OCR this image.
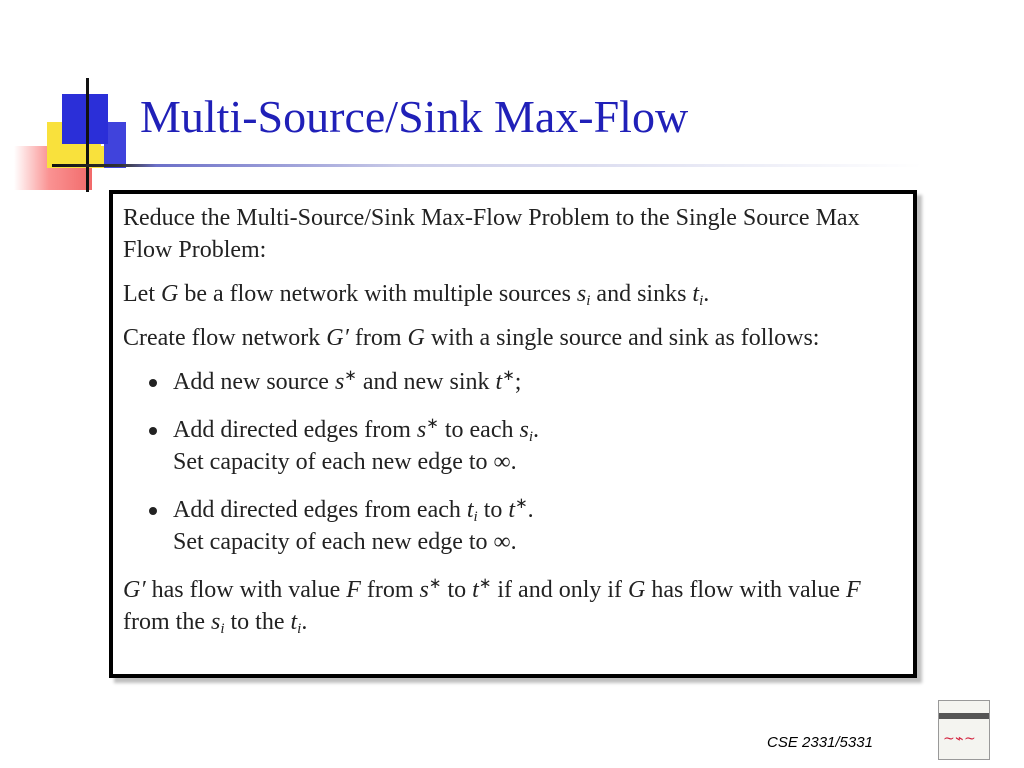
Multi-Source/Sink Max-Flow

Reduce the Multi-Source/Sink Max-Flow Problem to the Single Source Max Flow Problem:

Let G be a flow network with multiple sources $s_i$ and sinks $t_i$.

Create flow network G′ from G with a single source and sink as follows:

Add new source s∗ and new sink t∗;
Add directed edges from s∗ to each $s_i$.
Set capacity of each new edge to ∞.
Add directed edges from each $t_i$ to t∗.
Set capacity of each new edge to ∞.

G′ has flow with value F from s∗ to t∗ if and only if G has flow with value F from the $s_i$ to the $t_i$.

CSE 2331/5331	~ ⌁ ~
